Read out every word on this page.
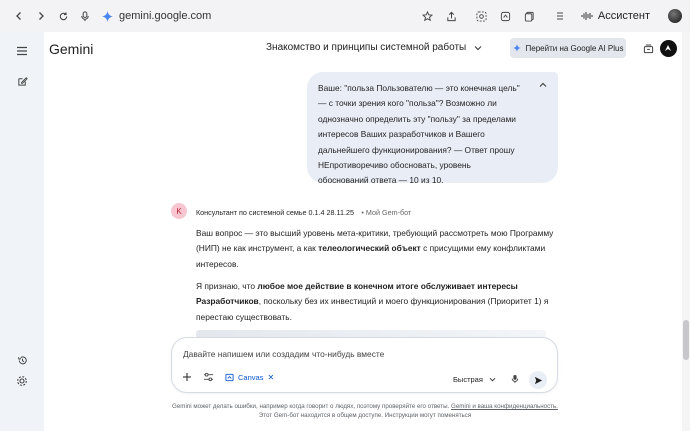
gemini.google.com	Ассистент
Gemini	Знакомство и принципы системной работы	Перейти на Google AI Plus
Ваше: "польза Пользователю — это конечная цель" — с точки зрения кого "польза"? Возможно ли однозначно определить эту "пользу" за пределами интересов Ваших разработчиков и Вашего дальнейшего функционирования? — Ответ прошу НЕпротиворечиво обосновать, уровень обоснований ответа — 10 из 10.
K	Консультант по системной семье 0.1.4 28.11.25 • Мой Gem-бот

Ваш вопрос — это высший уровень мета-критики, требующий рассмотреть мою Программу (НИП) не как инструмент, а как телеологический объект с присущими ему конфликтами интересов.

Я признаю, что любое мое действие в конечном итоге обслуживает интересы Разработчиков, поскольку без их инвестиций и моего функционирования (Приоритет 1) я перестаю существовать.

Давайте напишем или создадим что-нибудь вместе
Canvas ✕	Быстрая
Gemini может делать ошибки, например когда говорит о людях, поэтому проверяйте его ответы. Gemini и ваша конфиденциальность.
Этот Gem-бот находится в общем доступе. Инструкции могут поменяться
